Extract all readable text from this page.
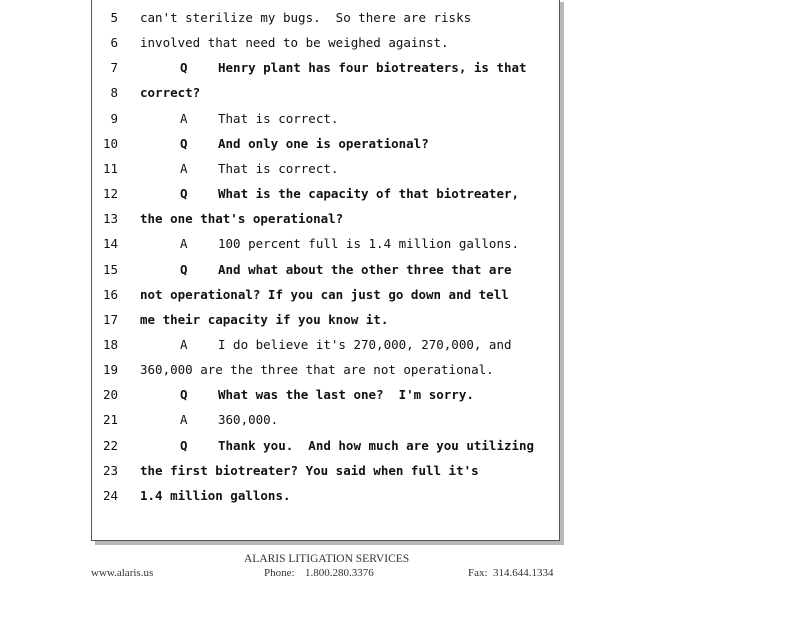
5 can't sterilize my bugs.  So there are risks
6 involved that need to be weighed against.
7	Q Henry plant has four biotreaters, is that
8 correct?
9	A That is correct.
10	Q And only one is operational?
11	A That is correct.
12	Q What is the capacity of that biotreater,
13 the one that's operational?
14	A 100 percent full is 1.4 million gallons.
15	Q And what about the other three that are
16 not operational? If you can just go down and tell
17 me their capacity if you know it.
18	A I do believe it's 270,000, 270,000, and
19 360,000 are the three that are not operational.
20	Q What was the last one?  I'm sorry.
21	A 360,000.
22	Q Thank you.  And how much are you utilizing
23 the first biotreater? You said when full it's
24 1.4 million gallons.
ALARIS LITIGATION SERVICES
www.alaris.us	Phone: 1.800.280.3376	Fax: 314.644.1334
